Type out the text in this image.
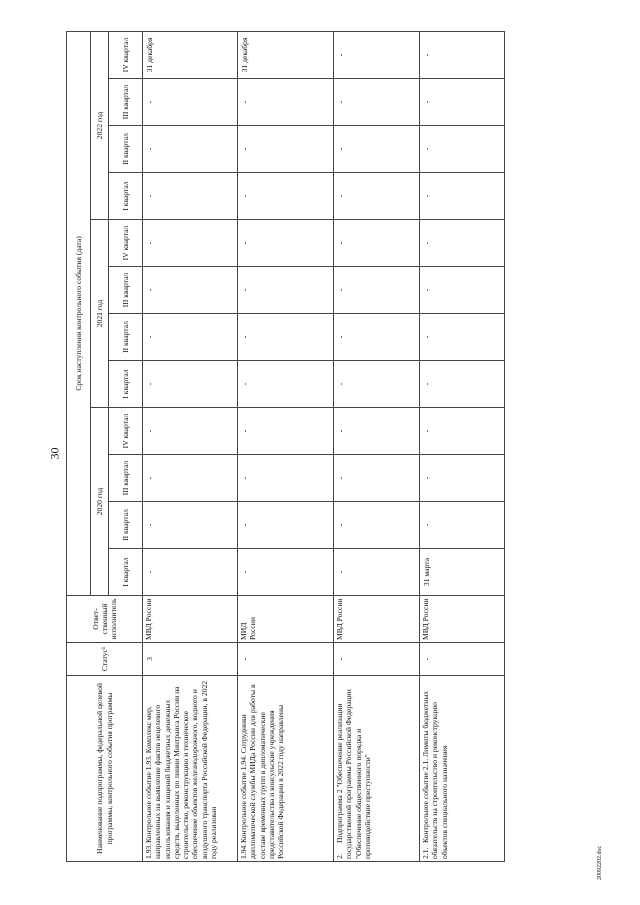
30
20092202.doc
Наименование подпрограммы, федеральной целевой программы, контрольного события программы	Статус¹	Ответ-ственный исполнитель	Срок наступления контрольного события (дата)											
			2020 год				2021 год				2022 год			
			I квартал	II квартал	III квартал	IV квартал	I квартал	II квартал	III квартал	IV квартал	I квартал	II квартал	III квартал	IV квартал
1.93.Контрольное событие 1.93. Комплекс мер, направленных на выявление фактов нецелевого использования и хищений бюджетных денежных средств, выделенных по линии Минтранса России на строительство, реконструкцию и техническое обеспечение объектов железнодорожного, водного и воздушного транспорта Российской Федерации, в 2022 году реализован	3	МВД России	-	-	-	-	-	-	-	-	-	-	-	31 декабря
1.94.Контрольное событие 1.94. Сотрудники дипломатической службы МИДа России для работы в составе временных групп в дипломатические представительства и консульские учреждения Российской Федерации в 2022 году направлены	-	МИД России	-	-	-	-	-	-	-	-	-	-	-	31 декабря
2.Подпрограмма 2 "Обеспечение реализации государственной программы Российской Федерации "Обеспечение общественного порядка и противодействие преступности"	-	МВД России	-	-	-	-	-	-	-	-	-	-	-	-
2.1.Контрольное событие 2.1. Лимиты бюджетных обязательств на строительство и реконструкцию объектов специального назначения	-	МВД России	31 марта	-	-	-	-	-	-	-	-	-	-	-
